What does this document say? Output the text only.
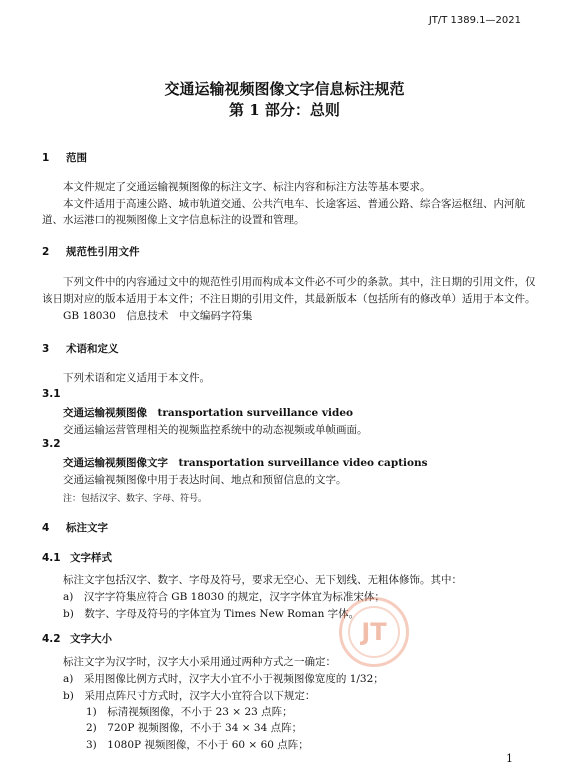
JT/T 1389.1—2021
交通运输视频图像文字信息标注规范
第 1 部分：总则
1 范围
本文件规定了交通运输视频图像的标注文字、标注内容和标注方法等基本要求。
本文件适用于高速公路、城市轨道交通、公共汽电车、长途客运、普通公路、综合客运枢纽、内河航
道、水运港口的视频图像上文字信息标注的设置和管理。
2 规范性引用文件
下列文件中的内容通过文中的规范性引用而构成本文件必不可少的条款。其中，注日期的引用文件，仅
该日期对应的版本适用于本文件；不注日期的引用文件，其最新版本（包括所有的修改单）适用于本文件。
GB 18030　信息技术　中文编码字符集
3 术语和定义
下列术语和定义适用于本文件。
3.1
交通运输视频图像　transportation surveillance video
交通运输运营管理相关的视频监控系统中的动态视频或单帧画面。
3.2
交通运输视频图像文字　transportation surveillance video captions
交通运输视频图像中用于表达时间、地点和预留信息的文字。
注：包括汉字、数字、字母、符号。
4 标注文字
4.1 文字样式
标注文字包括汉字、数字、字母及符号，要求无空心、无下划线、无粗体修饰。其中：
a)　汉字字符集应符合 GB 18030 的规定，汉字字体宜为标准宋体；
b)　数字、字母及符号的字体宜为 Times New Roman 字体。
4.2 文字大小
标注文字为汉字时，汉字大小采用通过两种方式之一确定：
a)　采用图像比例方式时，汉字大小宜不小于视频图像宽度的 1/32；
b)　采用点阵尺寸方式时，汉字大小宜符合以下规定：
1)　标清视频图像，不小于 23 × 23 点阵；
2)　720P 视频图像，不小于 34 × 34 点阵；
3)　1080P 视频图像，不小于 60 × 60 点阵；
JT
1
